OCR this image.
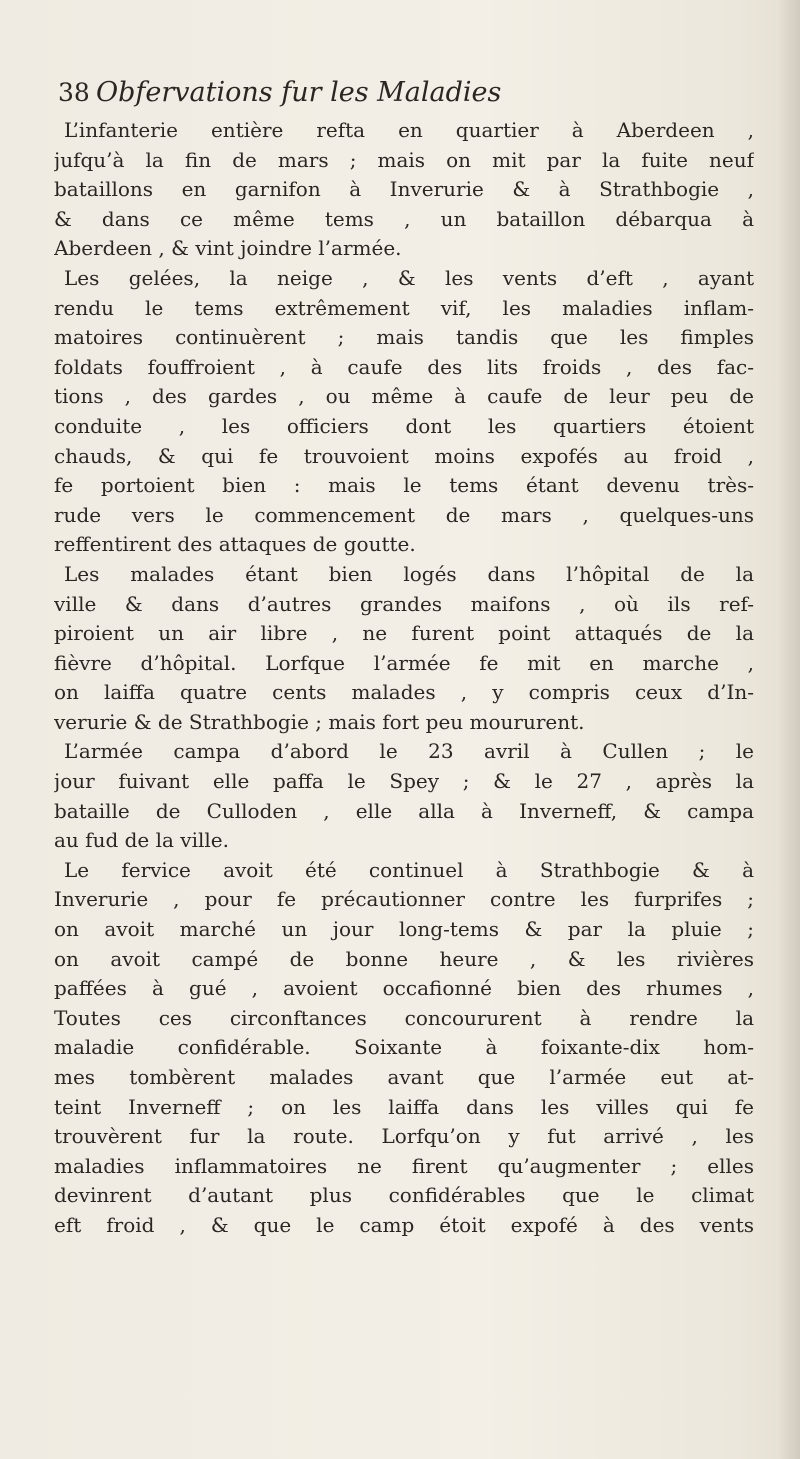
38 Obfervations fur les Maladies
L’infanterie entière refta en quartier à Aberdeen ,
jufqu’à la fin de mars ; mais on mit par la fuite neuf
bataillons en garnifon à Inverurie & à Strathbogie ,
& dans ce même tems , un bataillon débarqua à
Aberdeen , & vint joindre l’armée.
Les gelées, la neige , & les vents d’eft , ayant
rendu le tems extrêmement vif, les maladies inflam-
matoires continuèrent ; mais tandis que les fimples
foldats fouffroient , à caufe des lits froids , des fac-
tions , des gardes , ou même à caufe de leur peu de
conduite , les officiers dont les quartiers étoient
chauds, & qui fe trouvoient moins expofés au froid ,
fe portoient bien : mais le tems étant devenu très-
rude vers le commencement de mars , quelques-uns
reffentirent des attaques de goutte.
Les malades étant bien logés dans l’hôpital de la
ville & dans d’autres grandes maifons , où ils ref-
piroient un air libre , ne furent point attaqués de la
fièvre d’hôpital. Lorfque l’armée fe mit en marche ,
on laiffa quatre cents malades , y compris ceux d’In-
verurie & de Strathbogie ; mais fort peu moururent.
L’armée campa d’abord le 23 avril à Cullen ; le
jour fuivant elle paffa le Spey ; & le 27 , après la
bataille de Culloden , elle alla à Inverneff, & campa
au fud de la ville.
Le fervice avoit été continuel à Strathbogie & à
Inverurie , pour fe précautionner contre les furprifes ;
on avoit marché un jour long-tems & par la pluie ;
on avoit campé de bonne heure , & les rivières
paffées à gué , avoient occafionné bien des rhumes ,
Toutes ces circonftances concoururent à rendre la
maladie confidérable. Soixante à foixante-dix hom-
mes tombèrent malades avant que l’armée eut at-
teint Inverneff ; on les laiffa dans les villes qui fe
trouvèrent fur la route. Lorfqu’on y fut arrivé , les
maladies inflammatoires ne firent qu’augmenter ; elles
devinrent d’autant plus confidérables que le climat
eft froid , & que le camp étoit expofé à des vents
